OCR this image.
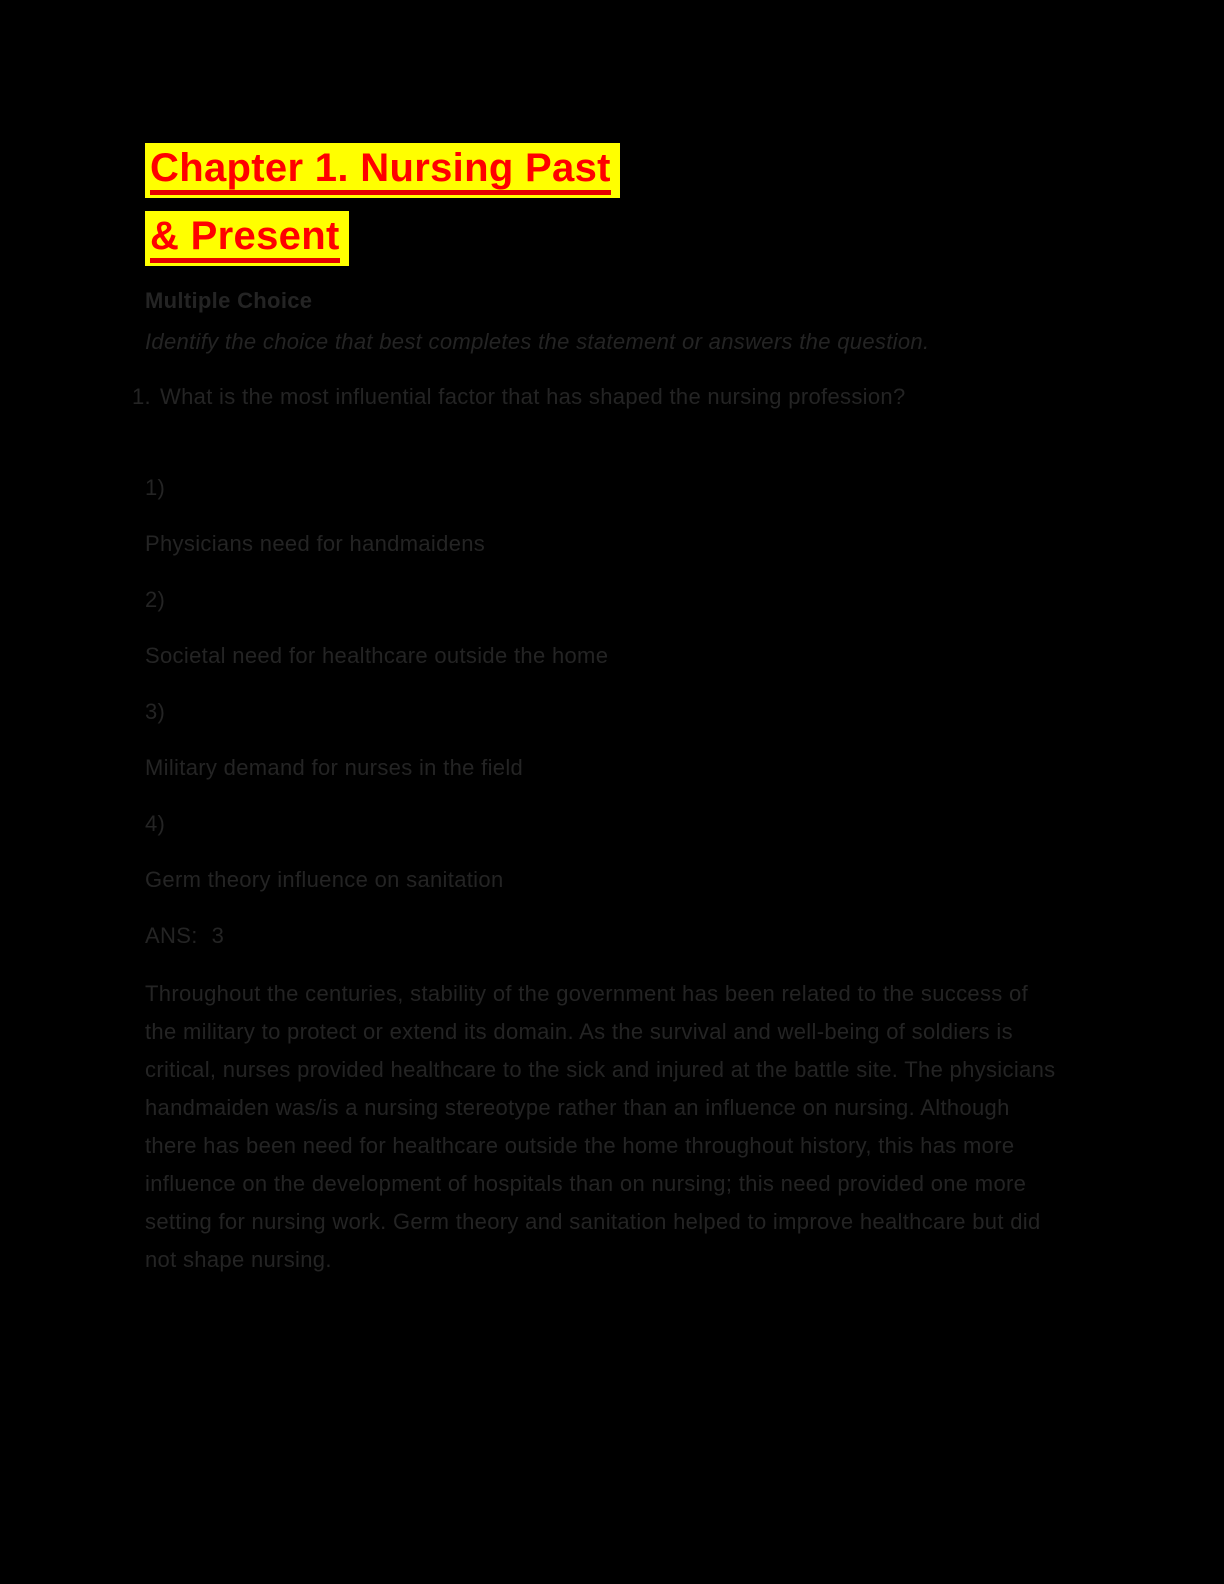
Chapter 1. Nursing Past
& Present

Multiple Choice

Identify the choice that best completes the statement or answers the question.

1. What is the most influential factor that has shaped the nursing profession?

1)

Physicians need for handmaidens

2)

Societal need for healthcare outside the home

3)

Military demand for nurses in the field

4)

Germ theory influence on sanitation

ANS: 3

Throughout the centuries, stability of the government has been related to the success of the military to protect or extend its domain. As the survival and well-being of soldiers is critical, nurses provided healthcare to the sick and injured at the battle site. The physicians handmaiden was/is a nursing stereotype rather than an influence on nursing. Although there has been need for healthcare outside the home throughout history, this has more influence on the development of hospitals than on nursing; this need provided one more setting for nursing work. Germ theory and sanitation helped to improve healthcare but did not shape nursing.
